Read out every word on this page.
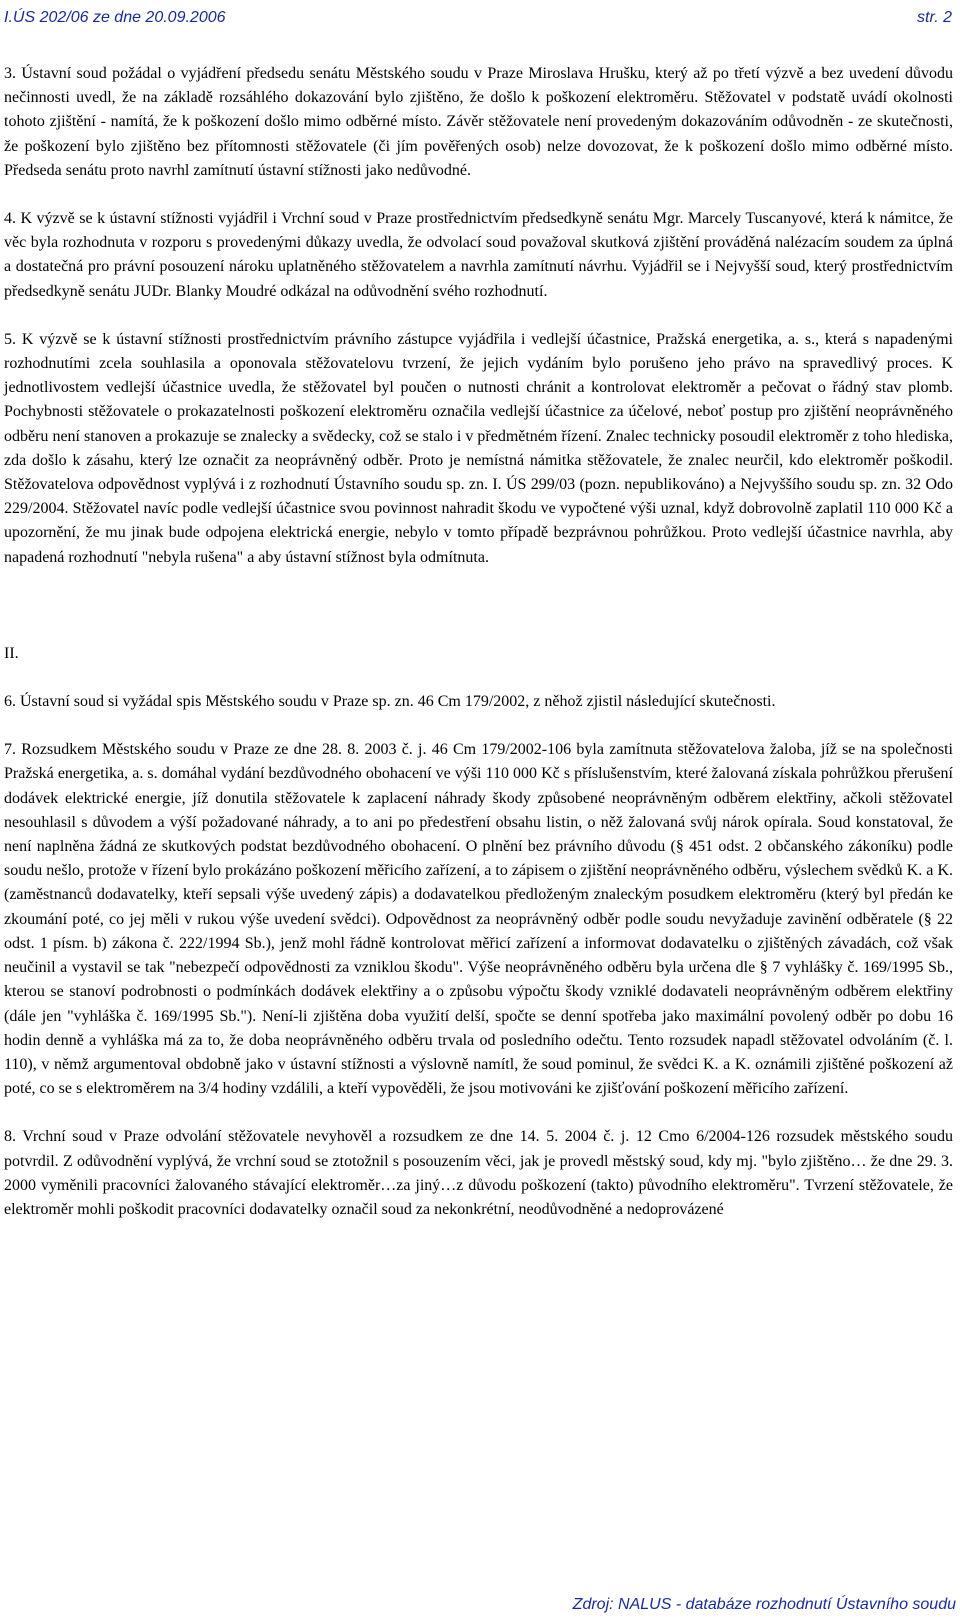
I.ÚS 202/06 ze dne 20.09.2006	str. 2

3. Ústavní soud požádal o vyjádření předsedu senátu Městského soudu v Praze Miroslava Hrušku, který až po třetí výzvě a bez uvedení důvodu nečinnosti uvedl, že na základě rozsáhlého dokazování bylo zjištěno, že došlo k poškození elektroměru. Stěžovatel v podstatě uvádí okolnosti tohoto zjištění - namítá, že k poškození došlo mimo odběrné místo. Závěr stěžovatele není provedeným dokazováním odůvodněn - ze skutečnosti, že poškození bylo zjištěno bez přítomnosti stěžovatele (či jím pověřených osob) nelze dovozovat, že k poškození došlo mimo odběrné místo. Předseda senátu proto navrhl zamítnutí ústavní stížnosti jako nedůvodné.

4. K výzvě se k ústavní stížnosti vyjádřil i Vrchní soud v Praze prostřednictvím předsedkyně senátu Mgr. Marcely Tuscanyové, která k námitce, že věc byla rozhodnuta v rozporu s provedenými důkazy uvedla, že odvolací soud považoval skutková zjištění prováděná nalézacím soudem za úplná a dostatečná pro právní posouzení nároku uplatněného stěžovatelem a navrhla zamítnutí návrhu. Vyjádřil se i Nejvyšší soud, který prostřednictvím předsedkyně senátu JUDr. Blanky Moudré odkázal na odůvodnění svého rozhodnutí.

5. K výzvě se k ústavní stížnosti prostřednictvím právního zástupce vyjádřila i vedlejší účastnice, Pražská energetika, a. s., která s napadenými rozhodnutími zcela souhlasila a oponovala stěžovatelovu tvrzení, že jejich vydáním bylo porušeno jeho právo na spravedlivý proces. K jednotlivostem vedlejší účastnice uvedla, že stěžovatel byl poučen o nutnosti chránit a kontrolovat elektroměr a pečovat o řádný stav plomb. Pochybnosti stěžovatele o prokazatelnosti poškození elektroměru označila vedlejší účastnice za účelové, neboť postup pro zjištění neoprávněného odběru není stanoven a prokazuje se znalecky a svědecky, což se stalo i v předmětném řízení. Znalec technicky posoudil elektroměr z toho hlediska, zda došlo k zásahu, který lze označit za neoprávněný odběr. Proto je nemístná námitka stěžovatele, že znalec neurčil, kdo elektroměr poškodil. Stěžovatelova odpovědnost vyplývá i z rozhodnutí Ústavního soudu sp. zn. I. ÚS 299/03 (pozn. nepublikováno) a Nejvyššího soudu sp. zn. 32 Odo 229/2004. Stěžovatel navíc podle vedlejší účastnice svou povinnost nahradit škodu ve vypočtené výši uznal, když dobrovolně zaplatil 110 000 Kč a upozornění, že mu jinak bude odpojena elektrická energie, nebylo v tomto případě bezprávnou pohrůžkou. Proto vedlejší účastnice navrhla, aby napadená rozhodnutí "nebyla rušena" a aby ústavní stížnost byla odmítnuta.

II.

6. Ústavní soud si vyžádal spis Městského soudu v Praze sp. zn. 46 Cm 179/2002, z něhož zjistil následující skutečnosti.

7. Rozsudkem Městského soudu v Praze ze dne 28. 8. 2003 č. j. 46 Cm 179/2002-106 byla zamítnuta stěžovatelova žaloba, jíž se na společnosti Pražská energetika, a. s. domáhal vydání bezdůvodného obohacení ve výši 110 000 Kč s příslušenstvím, které žalovaná získala pohrůžkou přerušení dodávek elektrické energie, jíž donutila stěžovatele k zaplacení náhrady škody způsobené neoprávněným odběrem elektřiny, ačkoli stěžovatel nesouhlasil s důvodem a výší požadované náhrady, a to ani po předestření obsahu listin, o něž žalovaná svůj nárok opírala. Soud konstatoval, že není naplněna žádná ze skutkových podstat bezdůvodného obohacení. O plnění bez právního důvodu (§ 451 odst. 2 občanského zákoníku) podle soudu nešlo, protože v řízení bylo prokázáno poškození měřicího zařízení, a to zápisem o zjištění neoprávněného odběru, výslechem svědků K. a K. (zaměstnanců dodavatelky, kteří sepsali výše uvedený zápis) a dodavatelkou předloženým znaleckým posudkem elektroměru (který byl předán ke zkoumání poté, co jej měli v rukou výše uvedení svědci). Odpovědnost za neoprávněný odběr podle soudu nevyžaduje zavinění odběratele (§ 22 odst. 1 písm. b) zákona č. 222/1994 Sb.), jenž mohl řádně kontrolovat měřicí zařízení a informovat dodavatelku o zjištěných závadách, což však neučinil a vystavil se tak "nebezpečí odpovědnosti za vzniklou škodu". Výše neoprávněného odběru byla určena dle § 7 vyhlášky č. 169/1995 Sb., kterou se stanoví podrobnosti o podmínkách dodávek elektřiny a o způsobu výpočtu škody vzniklé dodavateli neoprávněným odběrem elektřiny (dále jen "vyhláška č. 169/1995 Sb."). Není-li zjištěna doba využití delší, spočte se denní spotřeba jako maximální povolený odběr po dobu 16 hodin denně a vyhláška má za to, že doba neoprávněného odběru trvala od posledního odečtu. Tento rozsudek napadl stěžovatel odvoláním (č. l. 110), v němž argumentoval obdobně jako v ústavní stížnosti a výslovně namítl, že soud pominul, že svědci K. a K. oznámili zjištěné poškození až poté, co se s elektroměrem na 3/4 hodiny vzdálili, a kteří vypověděli, že jsou motivováni ke zjišťování poškození měřicího zařízení.

8. Vrchní soud v Praze odvolání stěžovatele nevyhověl a rozsudkem ze dne 14. 5. 2004 č. j. 12 Cmo 6/2004-126 rozsudek městského soudu potvrdil. Z odůvodnění vyplývá, že vrchní soud se ztotožnil s posouzením věci, jak je provedl městský soud, kdy mj. "bylo zjištěno… že dne 29. 3. 2000 vyměnili pracovníci žalovaného stávající elektroměr…za jiný…z důvodu poškození (takto) původního elektroměru". Tvrzení stěžovatele, že elektroměr mohli poškodit pracovníci dodavatelky označil soud za nekonkrétní, neodůvodněné a nedoprovázené

Zdroj: NALUS - databáze rozhodnutí Ústavního soudu
